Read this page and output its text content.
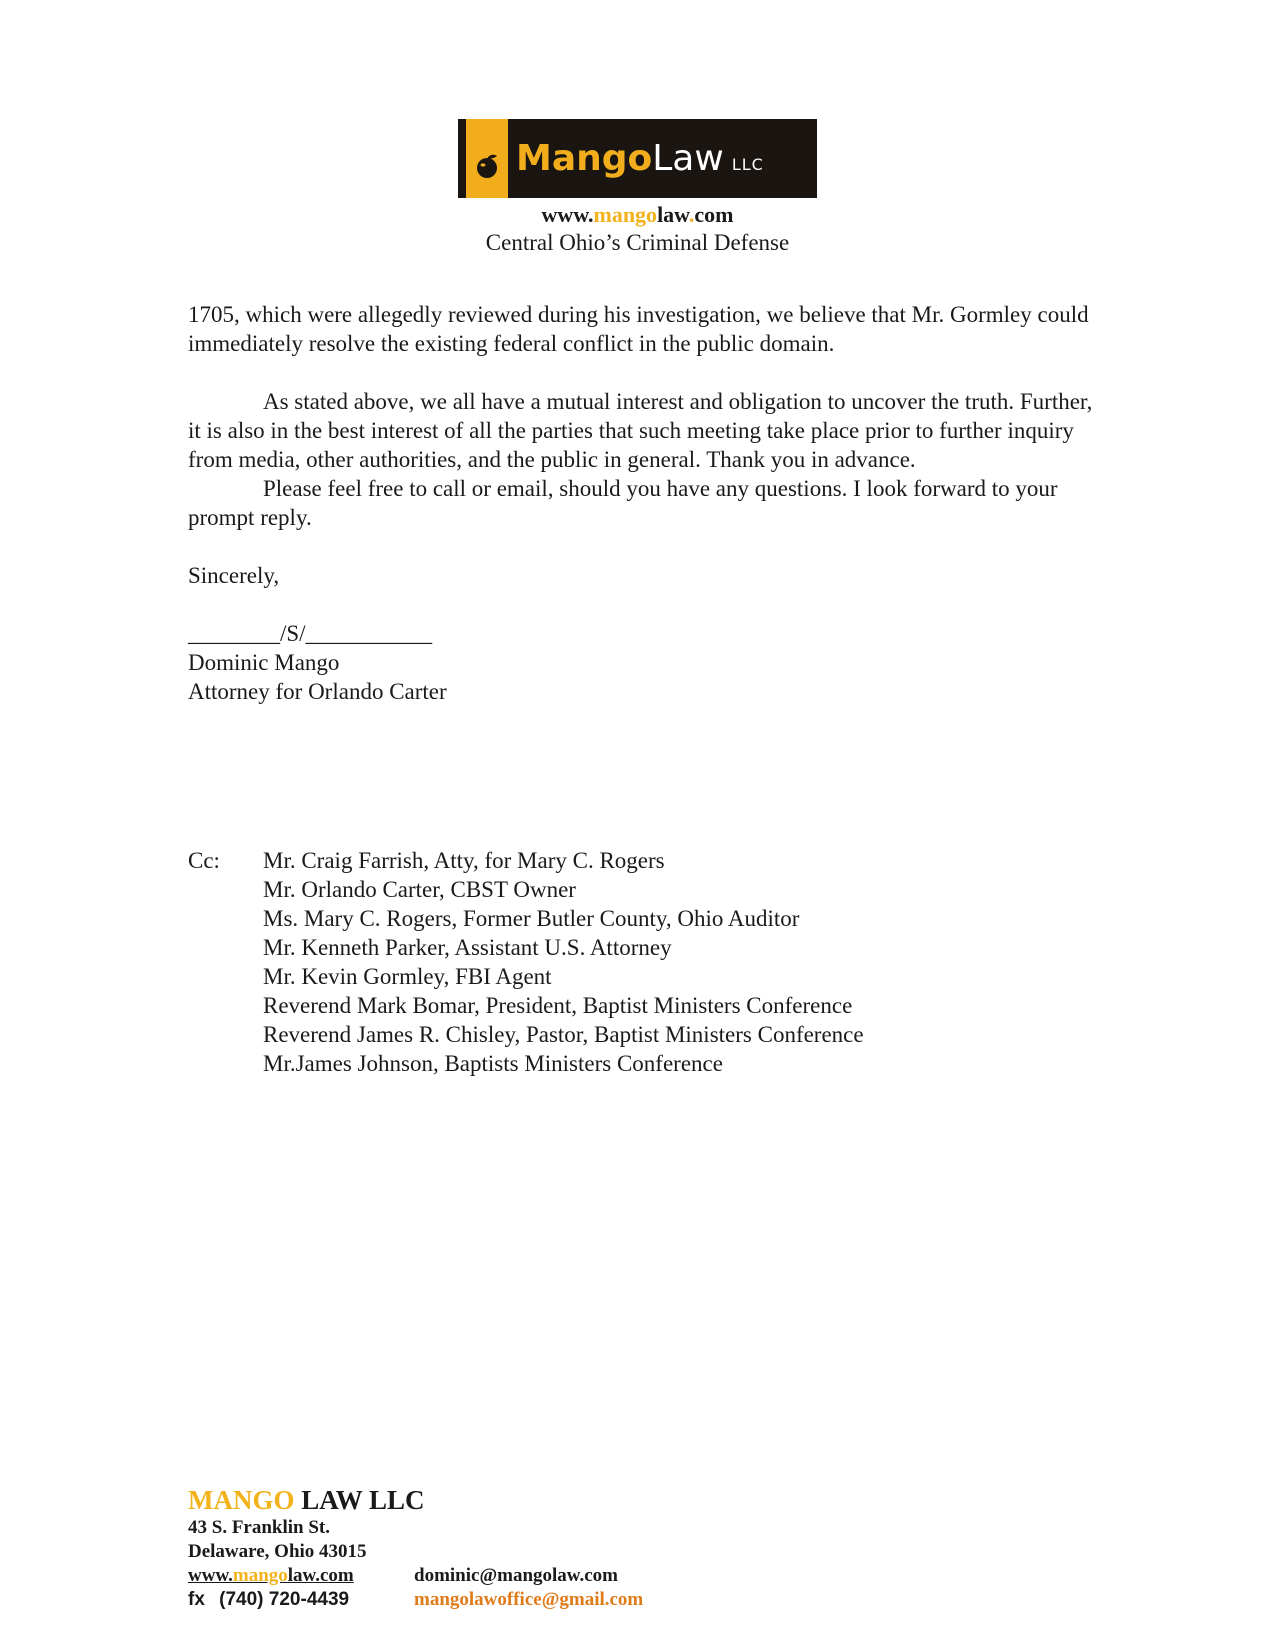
MangoLaw LLC
www.mangolaw.com
Central Ohio’s Criminal Defense

1705, which were allegedly reviewed during his investigation, we believe that Mr. Gormley could immediately resolve the existing federal conflict in the public domain.

As stated above, we all have a mutual interest and obligation to uncover the truth. Further, it is also in the best interest of all the parties that such meeting take place prior to further inquiry from media, other authorities, and the public in general. Thank you in advance.

Please feel free to call or email, should you have any questions. I look forward to your prompt reply.

Sincerely,

________/S/___________

Dominic Mango

Attorney for Orlando Carter

Cc: Mr. Craig Farrish, Atty, for Mary C. Rogers
Mr. Orlando Carter, CBST Owner
Ms. Mary C. Rogers, Former Butler County, Ohio Auditor
Mr. Kenneth Parker, Assistant U.S. Attorney
Mr. Kevin Gormley, FBI Agent
Reverend Mark Bomar, President, Baptist Ministers Conference
Reverend James R. Chisley, Pastor, Baptist Ministers Conference
Mr.James Johnson, Baptists Ministers Conference
MANGO LAW LLC
43 S. Franklin St.
Delaware, Ohio 43015
www.mangolaw.com	dominic@mangolaw.com
fx (740) 720-4439	mangolawoffice@gmail.com
